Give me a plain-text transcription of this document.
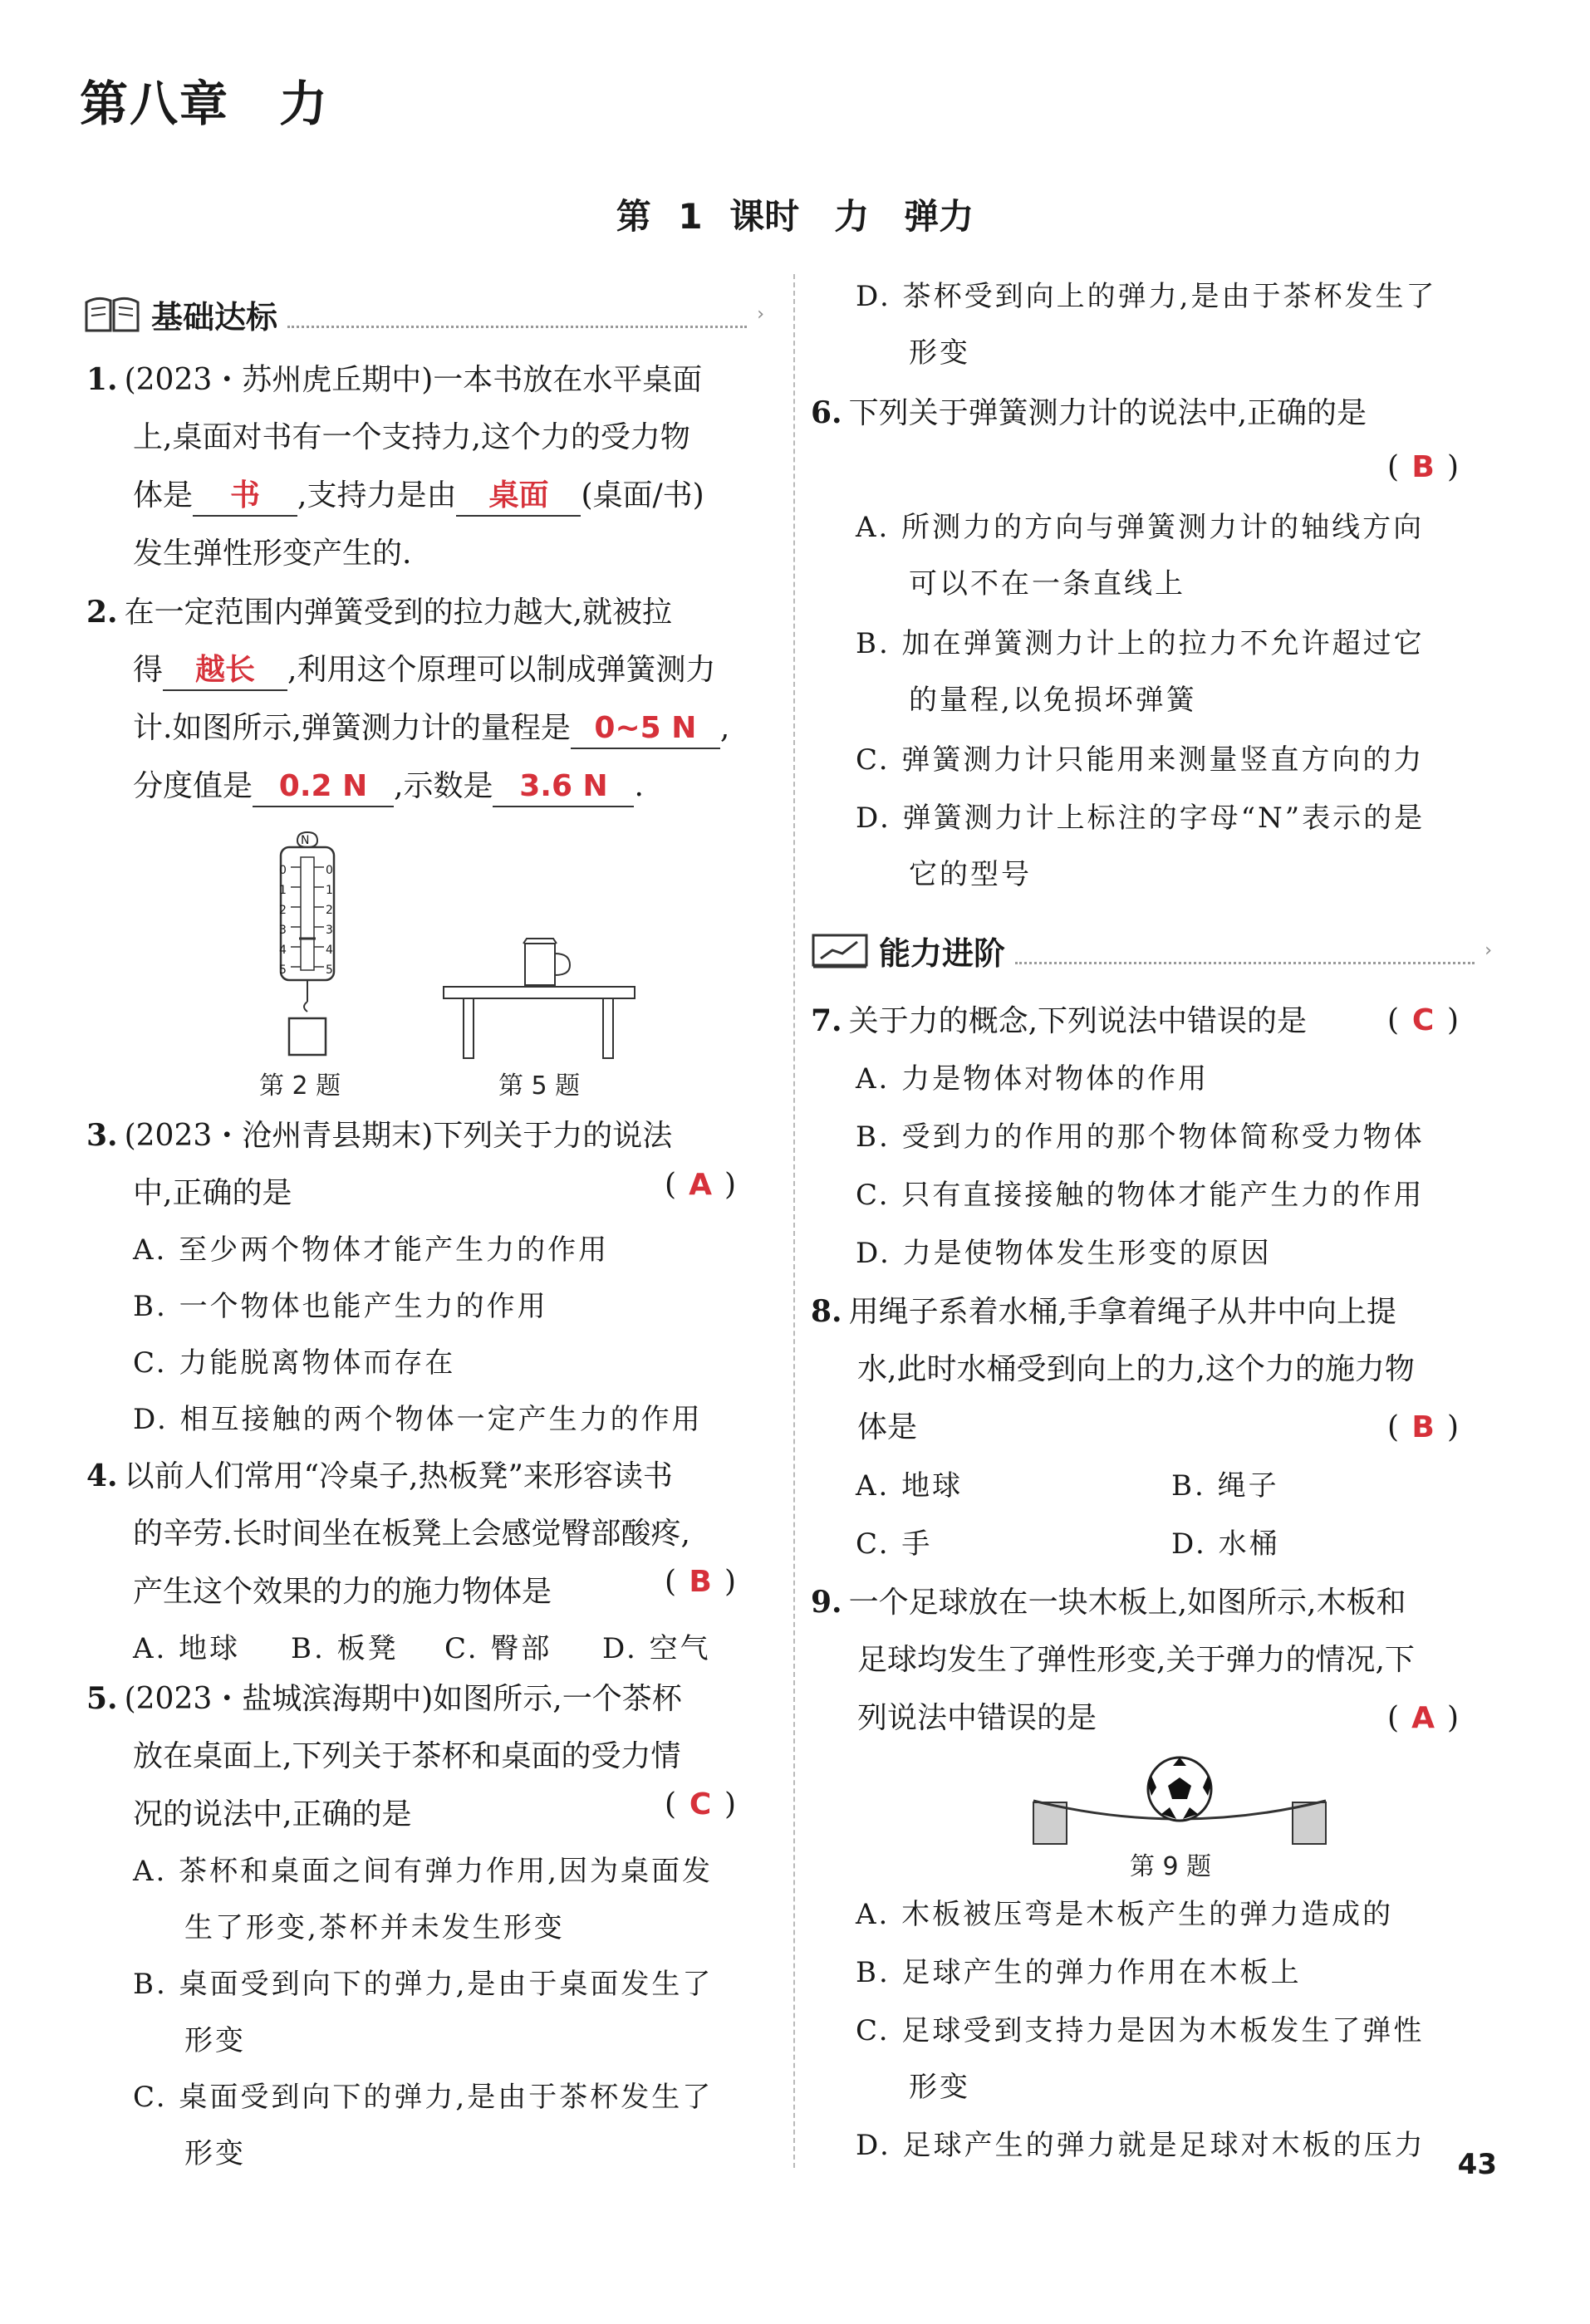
第八章　力
第 1 课时　力　弹力
基础达标	›
1. (2023・苏州虎丘期中)一本书放在水平桌面
上,桌面对书有一个支持力,这个力的受力物
体是 书 ,支持力是由 桌面 (桌面/书)
发生弹性形变产生的.
2. 在一定范围内弹簧受到的拉力越大,就被拉
得 越长 ,利用这个原理可以制成弹簧测力
计.如图所示,弹簧测力计的量程是 0~5 N ,
分度值是 0.2 N ,示数是 3.6 N .
N
0
1
2
3
4
5
0
1
2
3
4
5
第 2 题	第 5 题
3. (2023・沧州青县期末)下列关于力的说法
中,正确的是	( A )
A. 至少两个物体才能产生力的作用
B. 一个物体也能产生力的作用
C. 力能脱离物体而存在
D. 相互接触的两个物体一定产生力的作用
4. 以前人们常用“冷桌子,热板凳”来形容读书
的辛劳.长时间坐在板凳上会感觉臀部酸疼,
产生这个效果的力的施力物体是	( B )
A. 地球 B. 板凳 C. 臀部 D. 空气
5. (2023・盐城滨海期中)如图所示,一个茶杯
放在桌面上,下列关于茶杯和桌面的受力情
况的说法中,正确的是	( C )
A. 茶杯和桌面之间有弹力作用,因为桌面发
生了形变,茶杯并未发生形变
B. 桌面受到向下的弹力,是由于桌面发生了
形变
C. 桌面受到向下的弹力,是由于茶杯发生了
形变
D. 茶杯受到向上的弹力,是由于茶杯发生了
形变
6. 下列关于弹簧测力计的说法中,正确的是
( B )
A. 所测力的方向与弹簧测力计的轴线方向
可以不在一条直线上
B. 加在弹簧测力计上的拉力不允许超过它
的量程,以免损坏弹簧
C. 弹簧测力计只能用来测量竖直方向的力
D. 弹簧测力计上标注的字母“N”表示的是
它的型号
能力进阶	›
7. 关于力的概念,下列说法中错误的是	( C )
A. 力是物体对物体的作用
B. 受到力的作用的那个物体简称受力物体
C. 只有直接接触的物体才能产生力的作用
D. 力是使物体发生形变的原因
8. 用绳子系着水桶,手拿着绳子从井中向上提
水,此时水桶受到向上的力,这个力的施力物
体是	( B )
A. 地球	B. 绳子
C. 手	D. 水桶
9. 一个足球放在一块木板上,如图所示,木板和
足球均发生了弹性形变,关于弹力的情况,下
列说法中错误的是	( A )
第 9 题
A. 木板被压弯是木板产生的弹力造成的
B. 足球产生的弹力作用在木板上
C. 足球受到支持力是因为木板发生了弹性
形变
D. 足球产生的弹力就是足球对木板的压力
43
